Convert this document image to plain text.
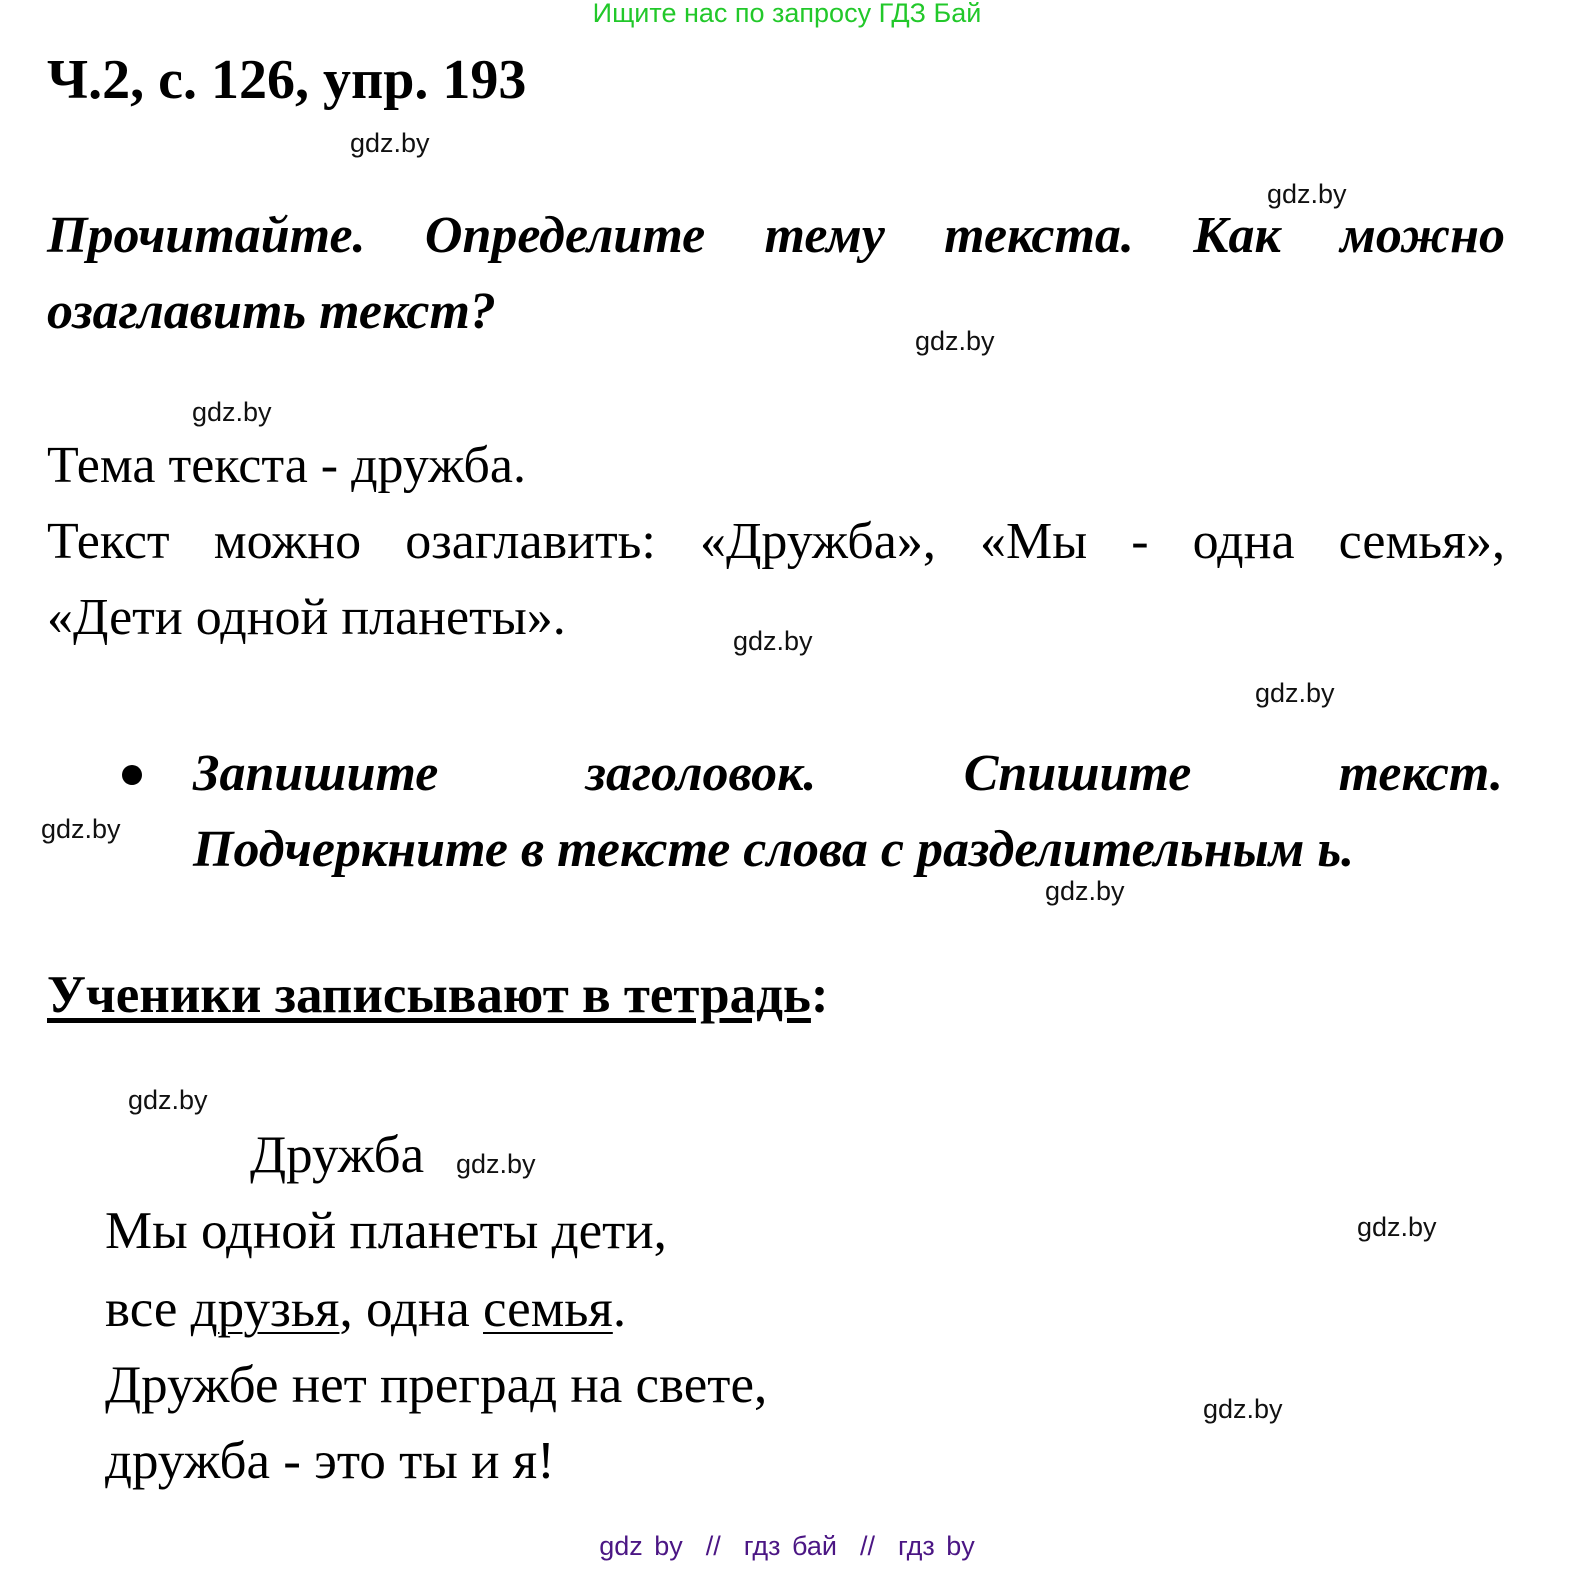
Ищите нас по запросу ГДЗ Бай
Ч.2, с. 126, упр. 193
gdz.by
gdz.by
gdz.by
gdz.by
gdz.by
gdz.by
gdz.by
gdz.by
gdz.by
gdz.by
gdz.by
gdz.by
Прочитайте. Определите тему текста. Как можно
озаглавить текст?
Тема текста - дружба.
Текст можно озаглавить: «Дружба», «Мы - одна семья»,
«Дети одной планеты».
Запишите заголовок. Спишите текст.
Подчеркните в тексте слова с разделительным ь.
Ученики записывают в тетрадь:
Дружба
Мы одной планеты дети,
все друзья, одна семья.
Дружбе нет преград на свете,
дружба - это ты и я!
gdz by  //  гдз бай  //  гдз by
